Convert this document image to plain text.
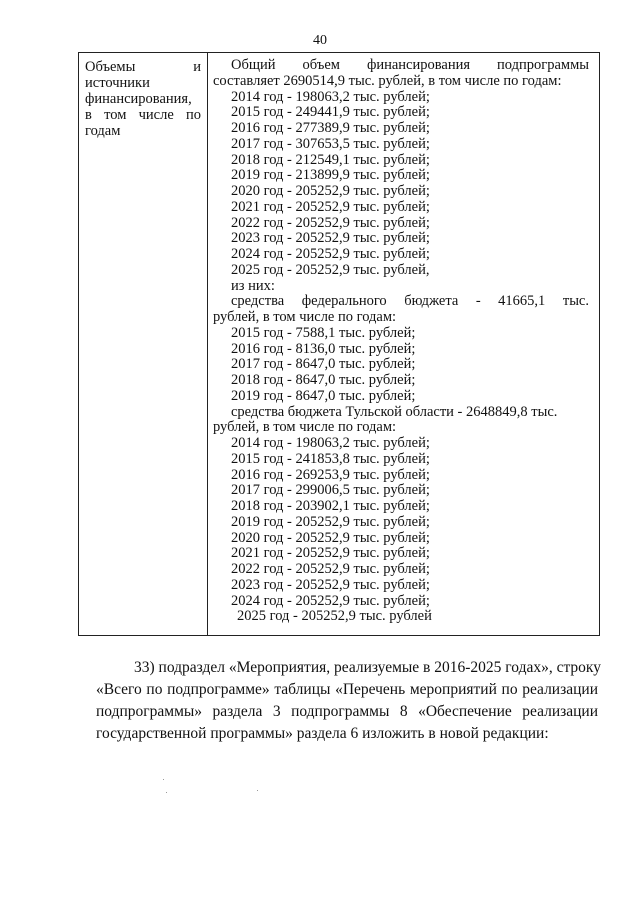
40
Объемы и
источники
финансирования,
в том числе по
годам
Общий объем финансирования подпрограммы
составляет 2690514,9 тыс. рублей, в том числе по годам:
2014 год - 198063,2 тыс. рублей;
2015 год - 249441,9 тыс. рублей;
2016 год - 277389,9 тыс. рублей;
2017 год - 307653,5 тыс. рублей;
2018 год - 212549,1 тыс. рублей;
2019 год - 213899,9 тыс. рублей;
2020 год - 205252,9 тыс. рублей;
2021 год - 205252,9 тыс. рублей;
2022 год - 205252,9 тыс. рублей;
2023 год - 205252,9 тыс. рублей;
2024 год - 205252,9 тыс. рублей;
2025 год - 205252,9 тыс. рублей,
из них:
средства федерального бюджета - 41665,1 тыс.
рублей, в том числе по годам:
2015 год - 7588,1 тыс. рублей;
2016 год - 8136,0 тыс. рублей;
2017 год - 8647,0 тыс. рублей;
2018 год - 8647,0 тыс. рублей;
2019 год - 8647,0 тыс. рублей;
средства бюджета Тульской области - 2648849,8 тыс.
рублей, в том числе по годам:
2014 год - 198063,2 тыс. рублей;
2015 год - 241853,8 тыс. рублей;
2016 год - 269253,9 тыс. рублей;
2017 год - 299006,5 тыс. рублей;
2018 год - 203902,1 тыс. рублей;
2019 год - 205252,9 тыс. рублей;
2020 год - 205252,9 тыс. рублей;
2021 год - 205252,9 тыс. рублей;
2022 год - 205252,9 тыс. рублей;
2023 год - 205252,9 тыс. рублей;
2024 год - 205252,9 тыс. рублей;
2025 год - 205252,9 тыс. рублей
33) подраздел «Мероприятия, реализуемые в 2016-2025 годах», строку
«Всего по подпрограмме» таблицы «Перечень мероприятий по реализации
подпрограммы» раздела 3 подпрограммы 8 «Обеспечение реализации
государственной программы» раздела 6 изложить в новой редакции:
